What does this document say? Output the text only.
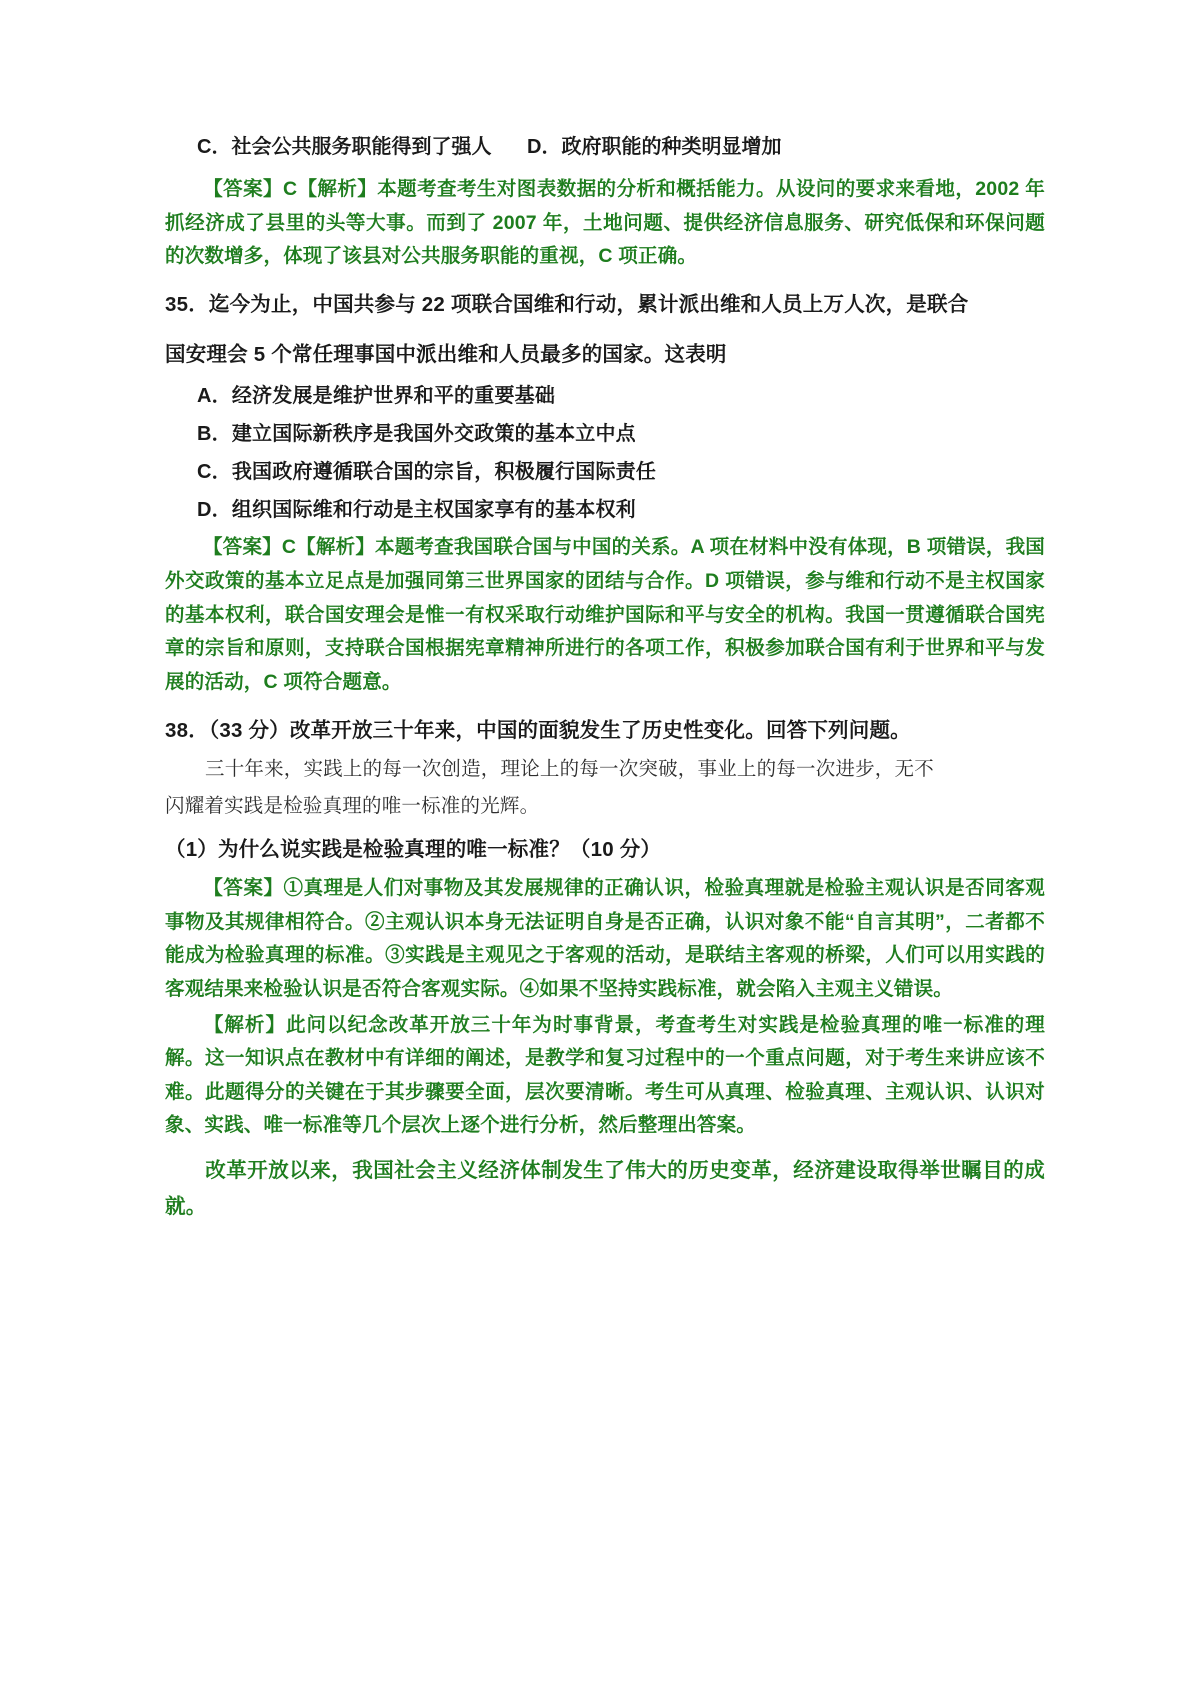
C．社会公共服务职能得到了强人	D．政府职能的种类明显增加

【答案】C【解析】本题考查考生对图表数据的分析和概括能力。从设问的要求来看地，2002 年抓经济成了县里的头等大事。而到了 2007 年，土地问题、提供经济信息服务、研究低保和环保问题的次数增多，体现了该县对公共服务职能的重视，C 项正确。

35．迄今为止，中国共参与 22 项联合国维和行动，累计派出维和人员上万人次，是联合

国安理会 5 个常任理事国中派出维和人员最多的国家。这表明

A．经济发展是维护世界和平的重要基础

B．建立国际新秩序是我国外交政策的基本立中点

C．我国政府遵循联合国的宗旨，积极履行国际责任

D．组织国际维和行动是主权国家享有的基本权利

【答案】C【解析】本题考查我国联合国与中国的关系。A 项在材料中没有体现，B 项错误，我国外交政策的基本立足点是加强同第三世界国家的团结与合作。D 项错误，参与维和行动不是主权国家的基本权利，联合国安理会是惟一有权采取行动维护国际和平与安全的机构。我国一贯遵循联合国宪章的宗旨和原则，支持联合国根据宪章精神所进行的各项工作，积极参加联合国有利于世界和平与发展的活动，C 项符合题意。

38．（33 分）改革开放三十年来，中国的面貌发生了历史性变化。回答下列问题。

三十年来，实践上的每一次创造，理论上的每一次突破，事业上的每一次进步，无不

闪耀着实践是检验真理的唯一标准的光辉。

（1）为什么说实践是检验真理的唯一标准？（10 分）

【答案】①真理是人们对事物及其发展规律的正确认识，检验真理就是检验主观认识是否同客观事物及其规律相符合。②主观认识本身无法证明自身是否正确，认识对象不能“自言其明”，二者都不能成为检验真理的标准。③实践是主观见之于客观的活动，是联结主客观的桥梁，人们可以用实践的客观结果来检验认识是否符合客观实际。④如果不坚持实践标准，就会陷入主观主义错误。

【解析】此问以纪念改革开放三十年为时事背景，考查考生对实践是检验真理的唯一标准的理解。这一知识点在教材中有详细的阐述，是教学和复习过程中的一个重点问题，对于考生来讲应该不难。此题得分的关键在于其步骤要全面，层次要清晰。考生可从真理、检验真理、主观认识、认识对象、实践、唯一标准等几个层次上逐个进行分析，然后整理出答案。

改革开放以来，我国社会主义经济体制发生了伟大的历史变革，经济建设取得举世瞩目的成就。
